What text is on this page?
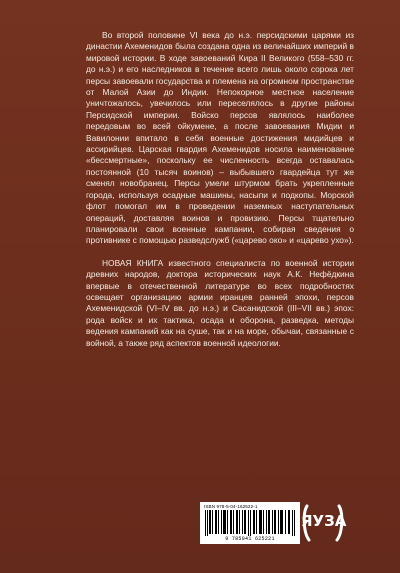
Во второй половине VI века до н.э. персидскими царями из династии Ахеменидов была создана одна из величайших империй в мировой истории. В ходе завоеваний Кира II Великого (558–530 гг. до н.э.) и его наследников в течение всего лишь около сорока лет персы завоевали государства и племена на огромном пространстве от Малой Азии до Индии. Непокорное местное население уничтожалось, увечилось или переселялось в другие районы Персидской империи. Войско персов являлось наиболее передовым во всей ойкумене, а после завоевания Мидии и Вавилонии впитало в себя военные достижения мидийцев и ассирийцев. Царская гвардия Ахеменидов носила наименование «бессмертные», поскольку ее численность всегда оставалась постоянной (10 тысяч воинов) – выбывшего гвардейца тут же сменял новобранец. Персы умели штурмом брать укрепленные города, используя осадные машины, насыпи и подкопы. Морской флот помогал им в проведении наземных наступательных операций, доставляя воинов и провизию. Персы тщательно планировали свои военные кампании, собирая сведения о противнике с помощью разведслужб («царево око» и «царево ухо»).

НОВАЯ КНИГА известного специалиста по военной истории древних народов, доктора исторических наук А.К. Нефёдкина впервые в отечественной литературе во всех подробностях освещает организацию армии иранцев ранней эпохи, персов Ахеменидской (VI–IV вв. до н.э.) и Сасанидской (III–VII вв.) эпох: рода войск и их тактика, осада и оборона, разведка, методы ведения кампаний как на суше, так и на море, обычаи, связанные с войной, а также ряд аспектов военной идеологии.

ISBN 978-5-04-162522-1
9 785041 625221
ЯУЗА
